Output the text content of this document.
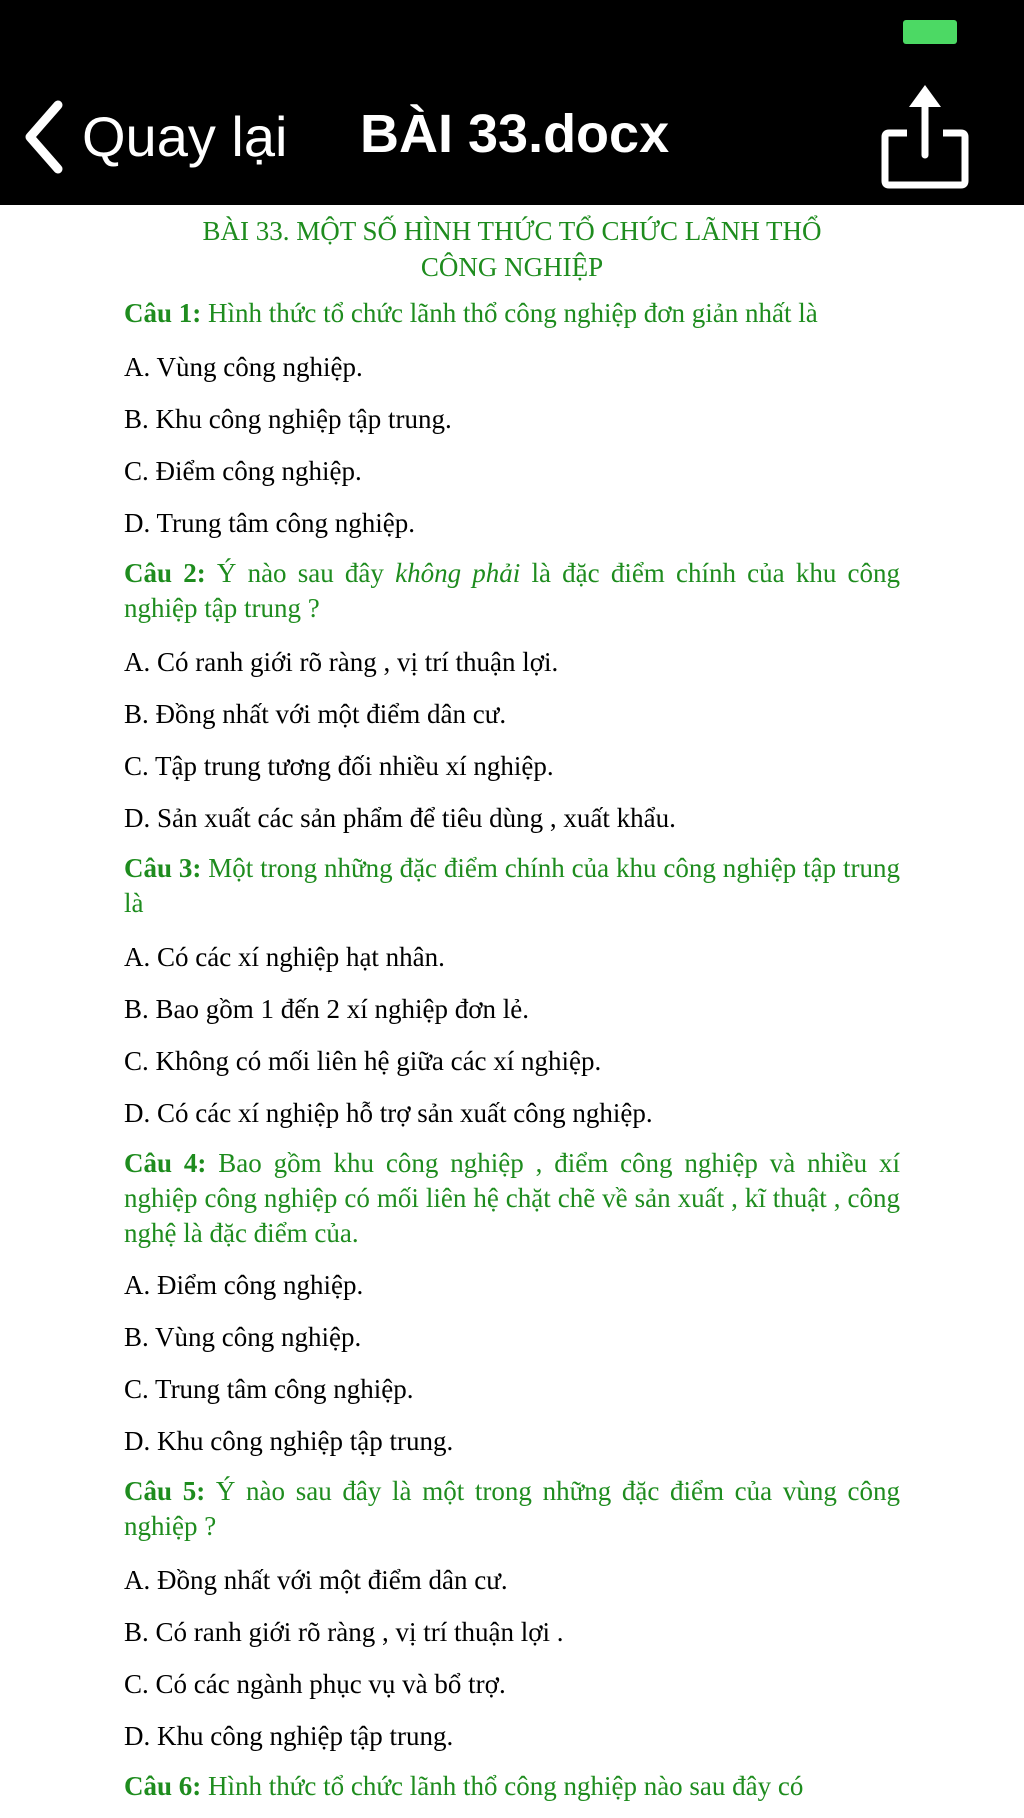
Quay lại BÀI 33.docx
BÀI 33. MỘT SỐ HÌNH THỨC TỔ CHỨC LÃNH THỔ
CÔNG NGHIỆP
Câu 1: Hình thức tổ chức lãnh thổ công nghiệp đơn giản nhất là
A. Vùng công nghiệp.
B. Khu công nghiệp tập trung.
C. Điểm công nghiệp.
D. Trung tâm công nghiệp.
Câu 2: Ý nào sau đây không phải là đặc điểm chính của khu công nghiệp tập trung ?
A. Có ranh giới rõ ràng , vị trí thuận lợi.
B. Đồng nhất với một điểm dân cư.
C. Tập trung tương đối nhiều xí nghiệp.
D. Sản xuất các sản phẩm để tiêu dùng , xuất khẩu.
Câu 3: Một trong những đặc điểm chính của khu công nghiệp tập trung là
A. Có các xí nghiệp hạt nhân.
B. Bao gồm 1 đến 2 xí nghiệp đơn lẻ.
C. Không có mối liên hệ giữa các xí nghiệp.
D. Có các xí nghiệp hỗ trợ sản xuất công nghiệp.
Câu 4: Bao gồm khu công nghiệp , điểm công nghiệp và nhiều xí nghiệp công nghiệp có mối liên hệ chặt chẽ về sản xuất , kĩ thuật , công nghệ là đặc điểm của.
A. Điểm công nghiệp.
B. Vùng công nghiệp.
C. Trung tâm công nghiệp.
D. Khu công nghiệp tập trung.
Câu 5: Ý nào sau đây là một trong những đặc điểm của vùng công nghiệp ?
A. Đồng nhất với một điểm dân cư.
B. Có ranh giới rõ ràng , vị trí thuận lợi .
C. Có các ngành phục vụ và bổ trợ.
D. Khu công nghiệp tập trung.
Câu 6: Hình thức tổ chức lãnh thổ công nghiệp nào sau đây có
